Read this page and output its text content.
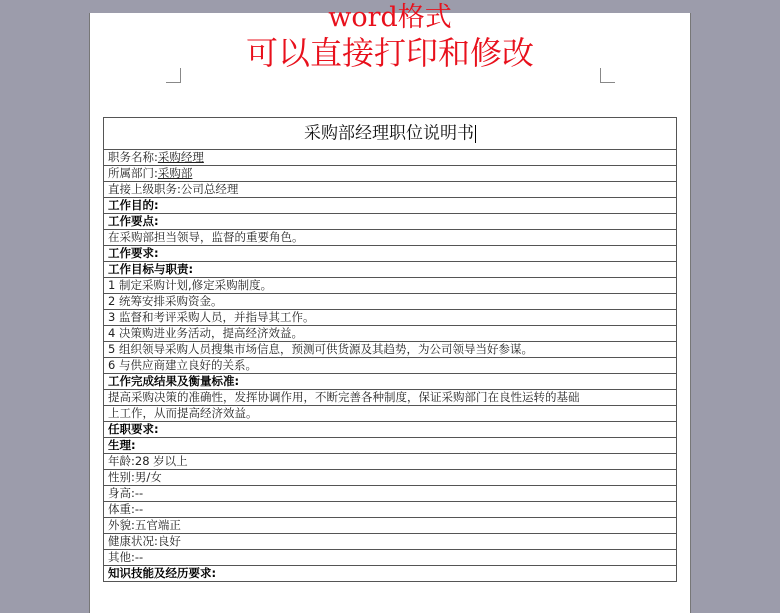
word格式
可以直接打印和修改
采购部经理职位说明书
职务名称:采购经理
所属部门:采购部
直接上级职务:公司总经理
工作目的:
工作要点:
在采购部担当领导，监督的重要角色。
工作要求:
工作目标与职责:
1 制定采购计划,修定采购制度。
2 统筹安排采购资金。
3 监督和考评采购人员，并指导其工作。
4 决策购进业务活动，提高经济效益。
5 组织领导采购人员搜集市场信息，预测可供货源及其趋势，为公司领导当好参谋。
6 与供应商建立良好的关系。
工作完成结果及衡量标准:
提高采购决策的准确性，发挥协调作用，不断完善各种制度，保证采购部门在良性运转的基础
上工作，从而提高经济效益。
任职要求:
生理:
年龄:28 岁以上
性别:男/女
身高:--
体重:--
外貌:五官端正
健康状况:良好
其他:--
知识技能及经历要求:
